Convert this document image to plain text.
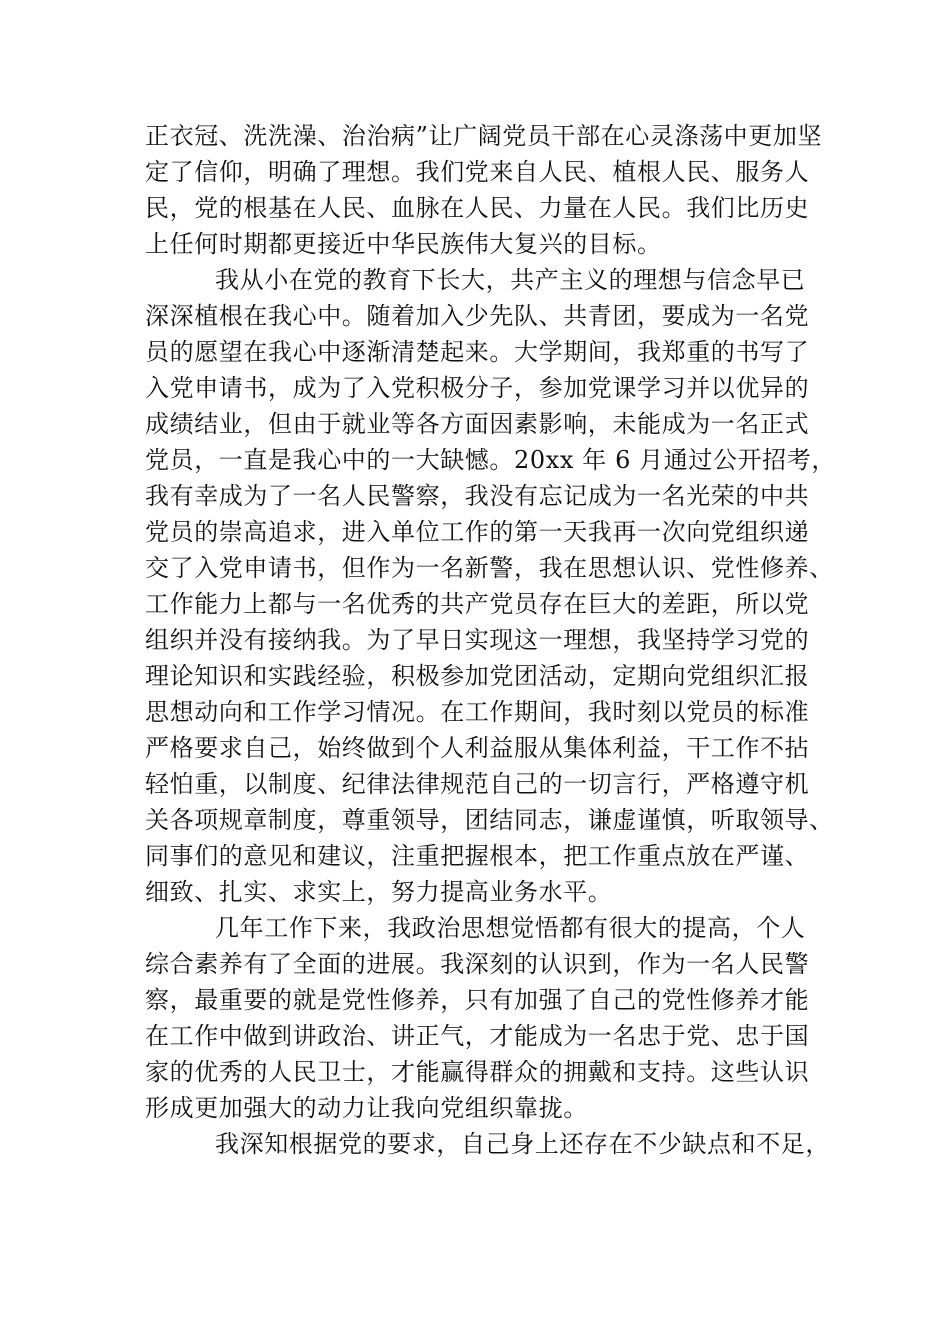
正衣冠、洗洗澡、治治病”让广阔党员干部在心灵涤荡中更加坚
定了信仰，明确了理想。我们党来自人民、植根人民、服务人
民，党的根基在人民、血脉在人民、力量在人民。我们比历史
上任何时期都更接近中华民族伟大复兴的目标。
我从小在党的教育下长大，共产主义的理想与信念早已
深深植根在我心中。随着加入少先队、共青团，要成为一名党
员的愿望在我心中逐渐清楚起来。大学期间，我郑重的书写了
入党申请书，成为了入党积极分子，参加党课学习并以优异的
成绩结业，但由于就业等各方面因素影响，未能成为一名正式
党员，一直是我心中的一大缺憾。20xx 年 6 月通过公开招考，
我有幸成为了一名人民警察，我没有忘记成为一名光荣的中共
党员的崇高追求，进入单位工作的第一天我再一次向党组织递
交了入党申请书，但作为一名新警，我在思想认识、党性修养、
工作能力上都与一名优秀的共产党员存在巨大的差距，所以党
组织并没有接纳我。为了早日实现这一理想，我坚持学习党的
理论知识和实践经验，积极参加党团活动，定期向党组织汇报
思想动向和工作学习情况。在工作期间，我时刻以党员的标准
严格要求自己，始终做到个人利益服从集体利益，干工作不拈
轻怕重，以制度、纪律法律规范自己的一切言行，严格遵守机
关各项规章制度，尊重领导，团结同志，谦虚谨慎，听取领导、
同事们的意见和建议，注重把握根本，把工作重点放在严谨、
细致、扎实、求实上，努力提高业务水平。
几年工作下来，我政治思想觉悟都有很大的提高，个人
综合素养有了全面的进展。我深刻的认识到，作为一名人民警
察，最重要的就是党性修养，只有加强了自己的党性修养才能
在工作中做到讲政治、讲正气，才能成为一名忠于党、忠于国
家的优秀的人民卫士，才能赢得群众的拥戴和支持。这些认识
形成更加强大的动力让我向党组织靠拢。
我深知根据党的要求，自己身上还存在不少缺点和不足，
